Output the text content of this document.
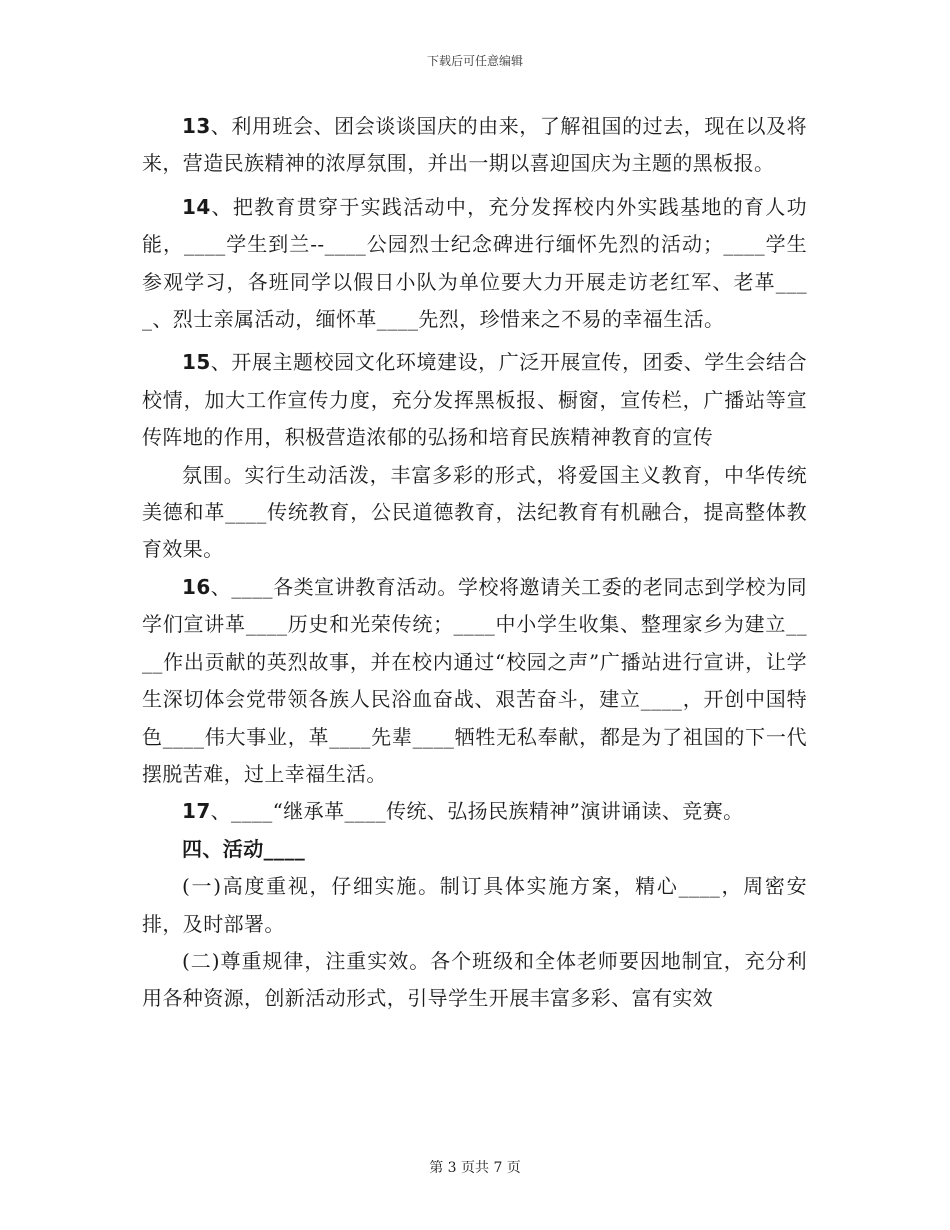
下载后可任意编辑

13、利用班会、团会谈谈国庆的由来，了解祖国的过去，现在以及将来，营造民族精神的浓厚氛围，并出一期以喜迎国庆为主题的黑板报。

14、把教育贯穿于实践活动中，充分发挥校内外实践基地的育人功能，____学生到兰--____公园烈士纪念碑进行缅怀先烈的活动；____学生参观学习，各班同学以假日小队为单位要大力开展走访老红军、老革____、烈士亲属活动，缅怀革____先烈，珍惜来之不易的幸福生活。

15、开展主题校园文化环境建设，广泛开展宣传，团委、学生会结合校情，加大工作宣传力度，充分发挥黑板报、橱窗，宣传栏，广播站等宣传阵地的作用，积极营造浓郁的弘扬和培育民族精神教育的宣传

氛围。实行生动活泼，丰富多彩的形式，将爱国主义教育，中华传统美德和革____传统教育，公民道德教育，法纪教育有机融合，提高整体教育效果。

16、____各类宣讲教育活动。学校将邀请关工委的老同志到学校为同学们宣讲革____历史和光荣传统；____中小学生收集、整理家乡为建立____作出贡献的英烈故事，并在校内通过“校园之声”广播站进行宣讲，让学生深切体会党带领各族人民浴血奋战、艰苦奋斗，建立____，开创中国特色____伟大事业，革____先辈____牺牲无私奉献，都是为了祖国的下一代摆脱苦难，过上幸福生活。

17、____“继承革____传统、弘扬民族精神”演讲诵读、竞赛。

四、活动____

(一)高度重视，仔细实施。制订具体实施方案，精心____，周密安排，及时部署。

(二)尊重规律，注重实效。各个班级和全体老师要因地制宜，充分利用各种资源，创新活动形式，引导学生开展丰富多彩、富有实效

第 3 页共 7 页
